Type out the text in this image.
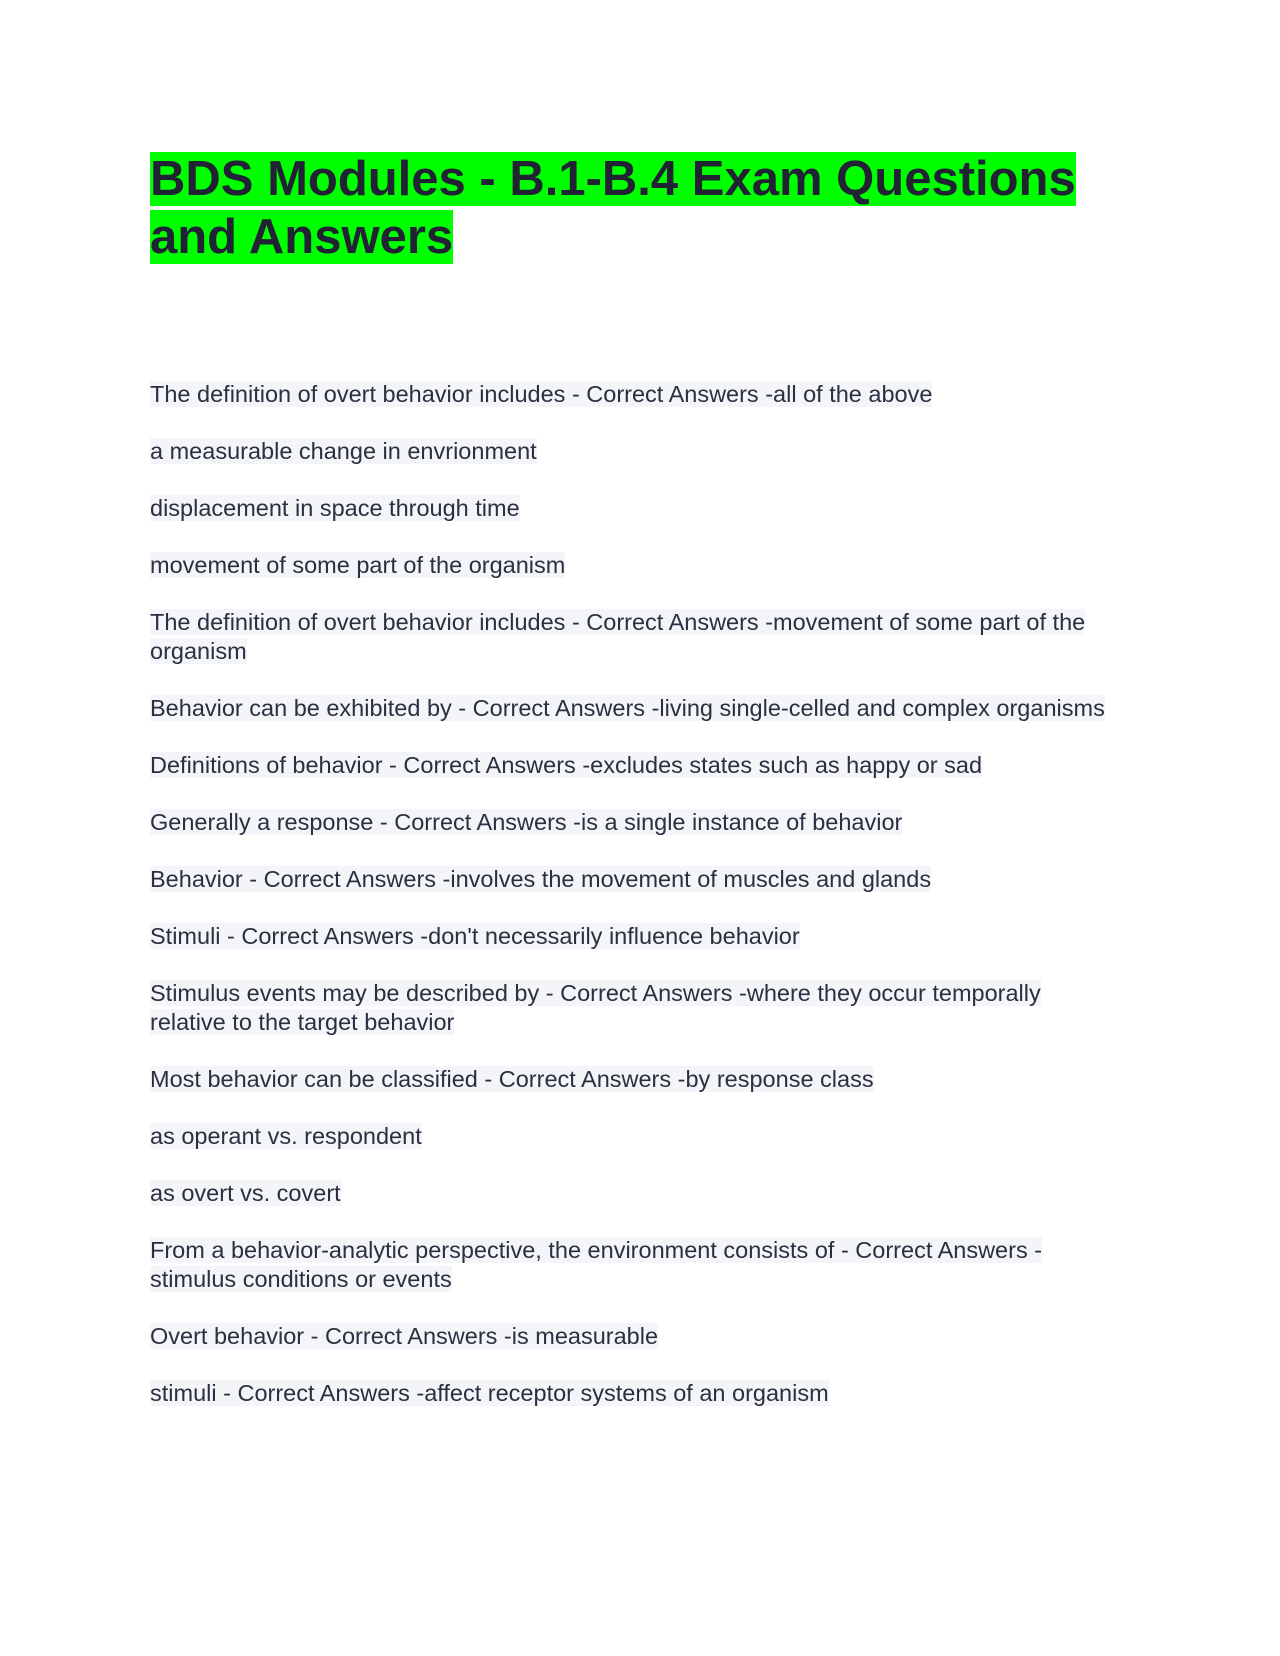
BDS Modules - B.1-B.4 Exam Questions and Answers

The definition of overt behavior includes - Correct Answers -all of the above

a measurable change in envrionment

displacement in space through time

movement of some part of the organism

The definition of overt behavior includes - Correct Answers -movement of some part of the organism

Behavior can be exhibited by - Correct Answers -living single-celled and complex organisms

Definitions of behavior - Correct Answers -excludes states such as happy or sad

Generally a response - Correct Answers -is a single instance of behavior

Behavior - Correct Answers -involves the movement of muscles and glands

Stimuli - Correct Answers -don't necessarily influence behavior

Stimulus events may be described by - Correct Answers -where they occur temporally relative to the target behavior

Most behavior can be classified - Correct Answers -by response class

as operant vs. respondent

as overt vs. covert

From a behavior-analytic perspective, the environment consists of - Correct Answers -stimulus conditions or events

Overt behavior - Correct Answers -is measurable

stimuli - Correct Answers -affect receptor systems of an organism
